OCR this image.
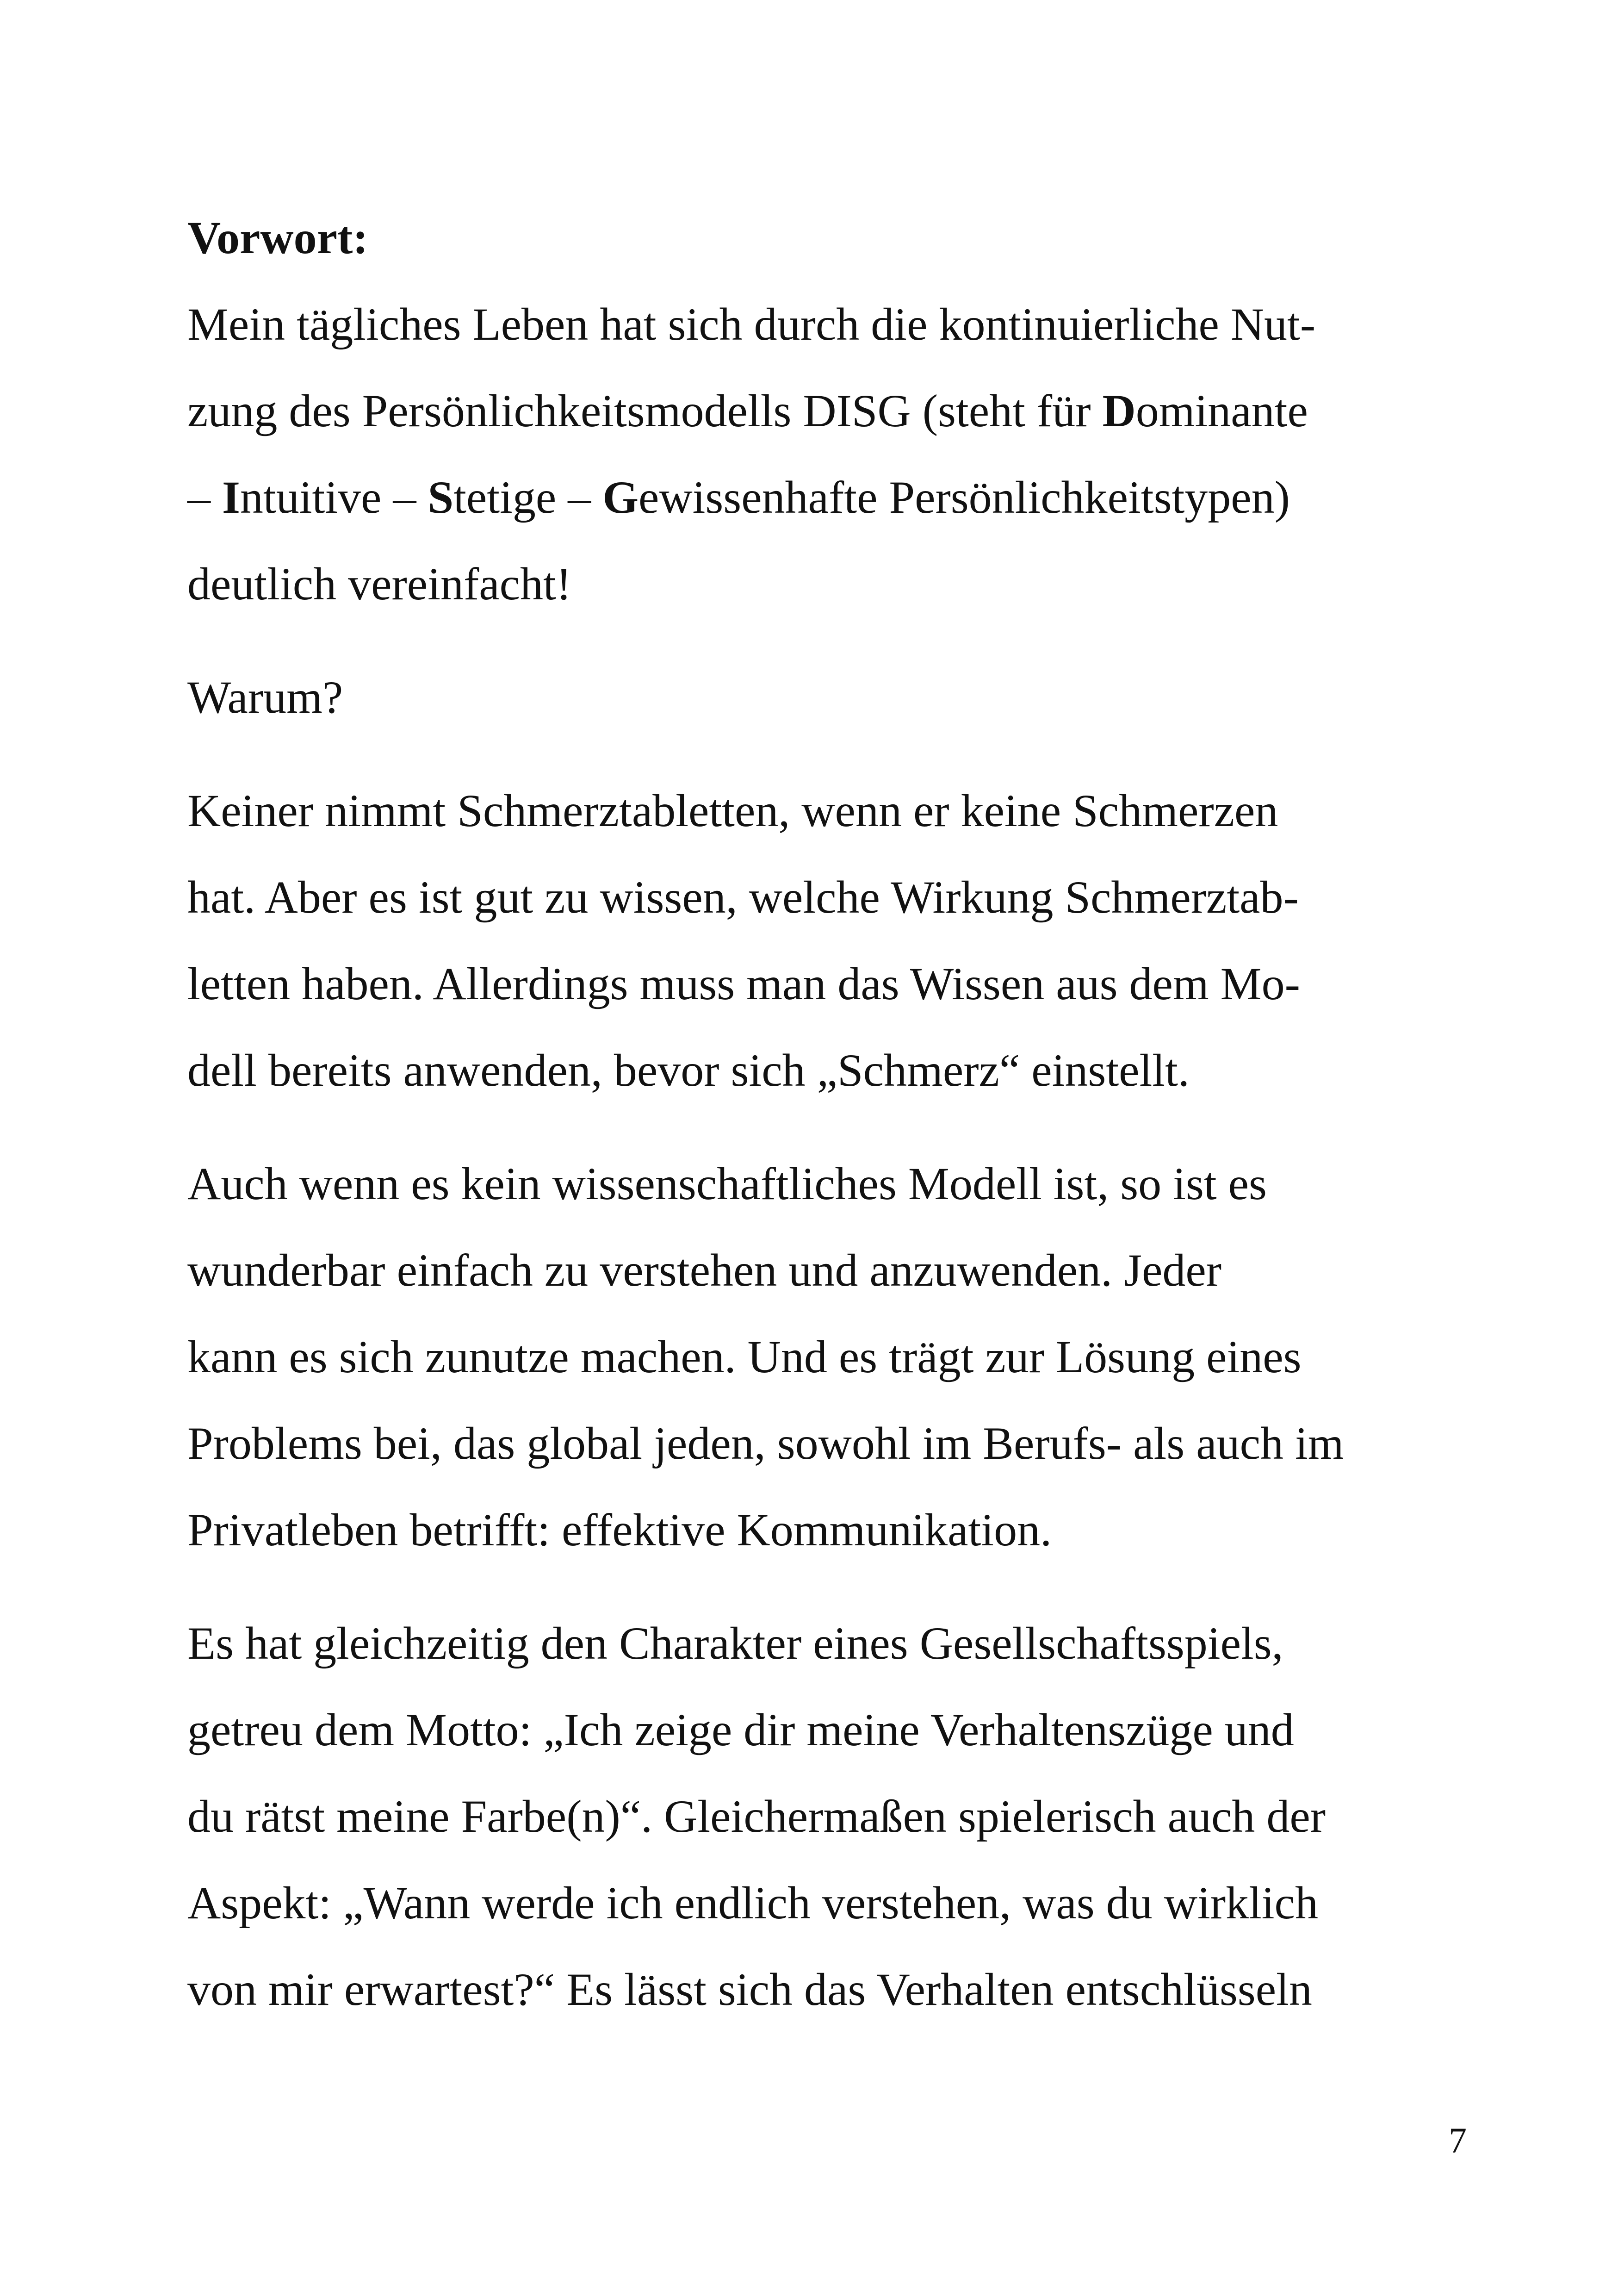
Vorwort:
Mein tägliches Leben hat sich durch die kontinuierliche Nut-
zung des Persönlichkeitsmodells DISG (steht für Dominante
– Intuitive – Stetige – Gewissenhafte Persönlichkeitstypen)
deutlich vereinfacht!
Warum?
Keiner nimmt Schmerztabletten, wenn er keine Schmerzen
hat. Aber es ist gut zu wissen, welche Wirkung Schmerztab-
letten haben. Allerdings muss man das Wissen aus dem Mo-
dell bereits anwenden, bevor sich „Schmerz“ einstellt.
Auch wenn es kein wissenschaftliches Modell ist, so ist es
wunderbar einfach zu verstehen und anzuwenden. Jeder
kann es sich zunutze machen. Und es trägt zur Lösung eines
Problems bei, das global jeden, sowohl im Berufs- als auch im
Privatleben betrifft: effektive Kommunikation.
Es hat gleichzeitig den Charakter eines Gesellschaftsspiels,
getreu dem Motto: „Ich zeige dir meine Verhaltenszüge und
du rätst meine Farbe(n)“. Gleichermaßen spielerisch auch der
Aspekt: „Wann werde ich endlich verstehen, was du wirklich
von mir erwartest?“ Es lässt sich das Verhalten entschlüsseln
7
